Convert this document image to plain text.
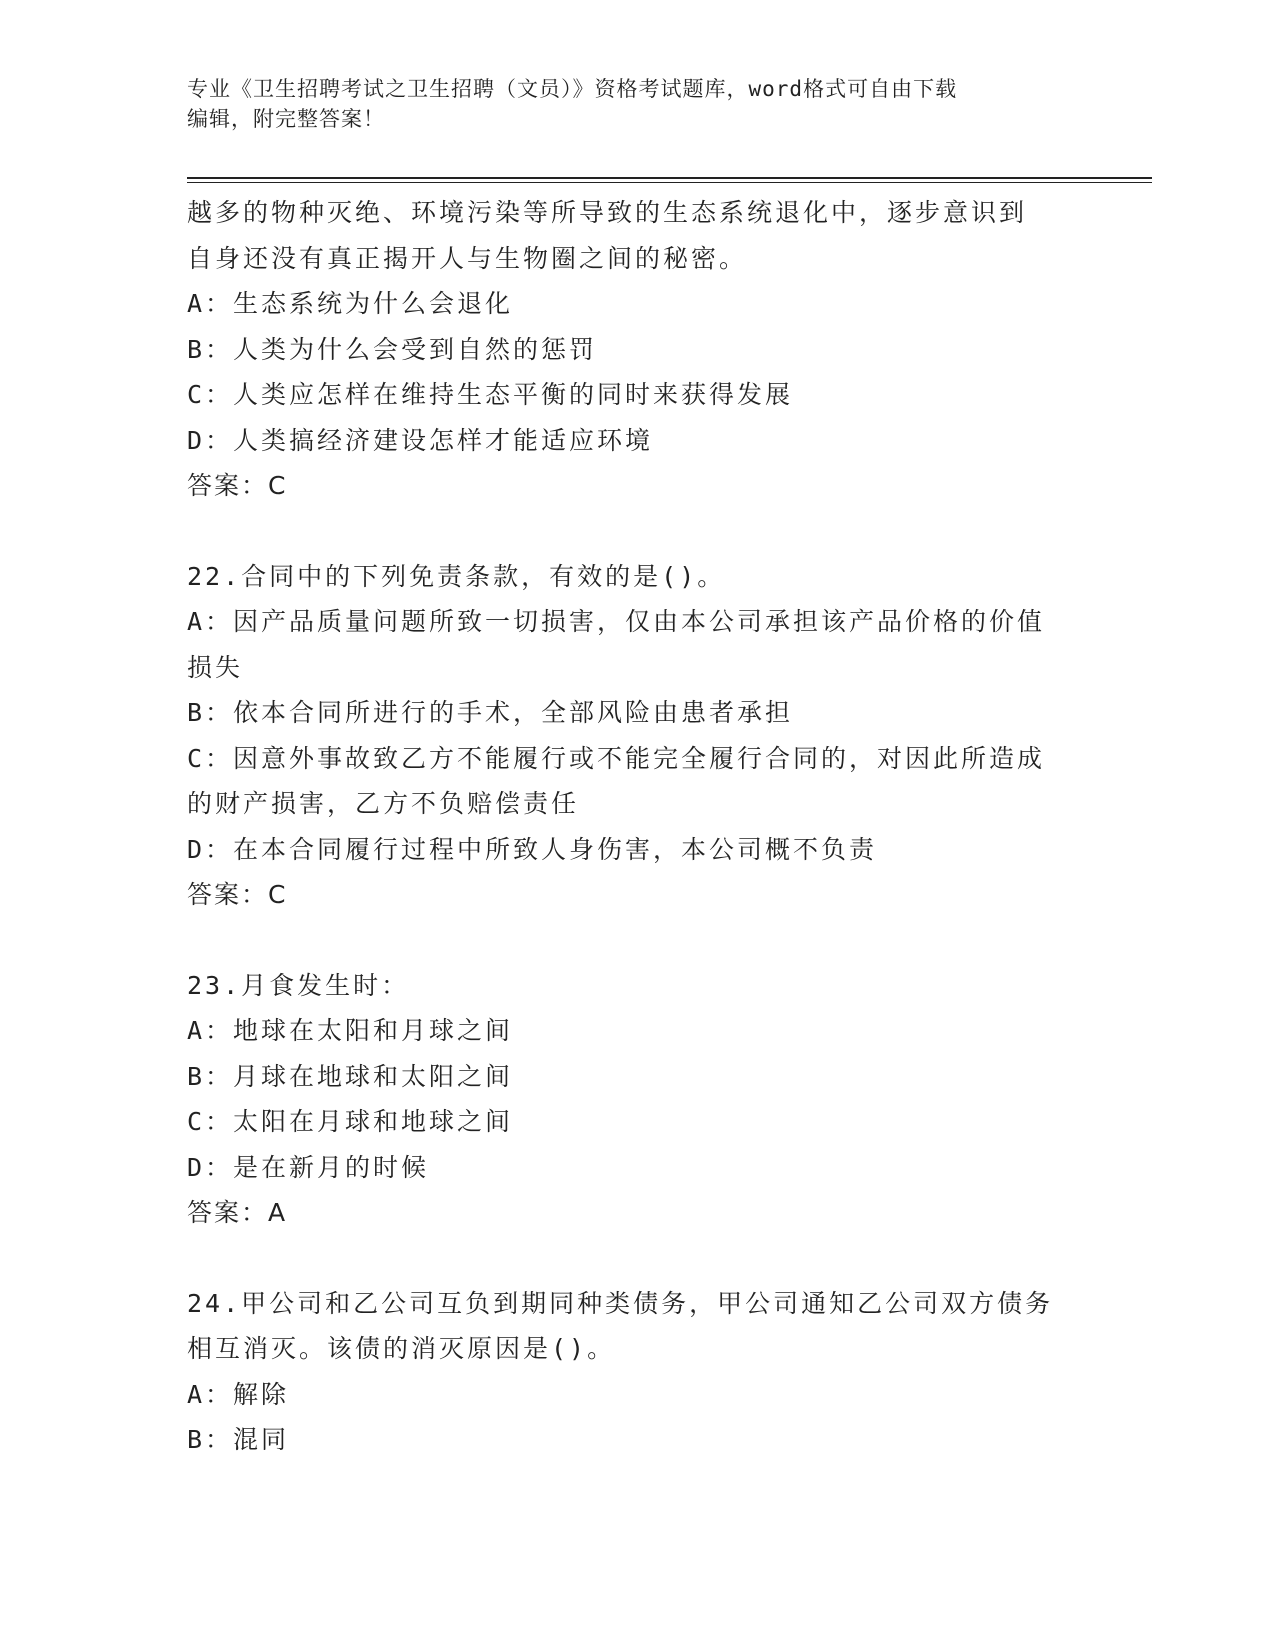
专业《卫生招聘考试之卫生招聘（文员）》资格考试题库，word格式可自由下载
编辑，附完整答案！
越多的物种灭绝、环境污染等所导致的生态系统退化中，逐步意识到
自身还没有真正揭开人与生物圈之间的秘密。
A：生态系统为什么会退化
B：人类为什么会受到自然的惩罚
C：人类应怎样在维持生态平衡的同时来获得发展
D：人类搞经济建设怎样才能适应环境
答案：C
22.合同中的下列免责条款，有效的是()。
A：因产品质量问题所致一切损害，仅由本公司承担该产品价格的价值
损失
B：依本合同所进行的手术，全部风险由患者承担
C：因意外事故致乙方不能履行或不能完全履行合同的，对因此所造成
的财产损害，乙方不负赔偿责任
D：在本合同履行过程中所致人身伤害，本公司概不负责
答案：C
23.月食发生时：
A：地球在太阳和月球之间
B：月球在地球和太阳之间
C：太阳在月球和地球之间
D：是在新月的时候
答案：A
24.甲公司和乙公司互负到期同种类债务，甲公司通知乙公司双方债务
相互消灭。该债的消灭原因是()。
A：解除
B：混同
